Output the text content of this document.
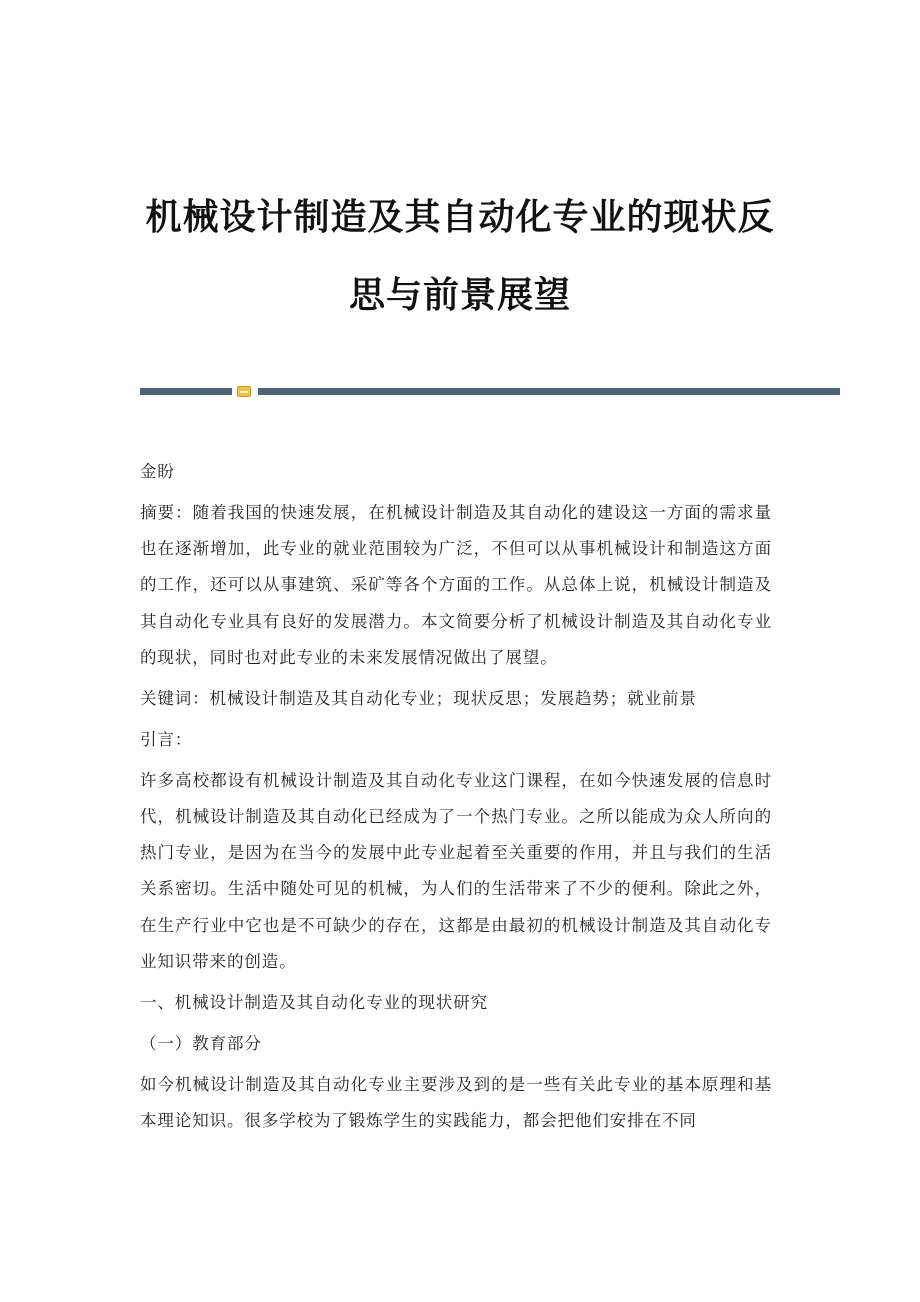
机械设计制造及其自动化专业的现状反
思与前景展望

金盼

摘要：随着我国的快速发展，在机械设计制造及其自动化的建设这一方面的需求量也在逐渐增加，此专业的就业范围较为广泛，不但可以从事机械设计和制造这方面的工作，还可以从事建筑、采矿等各个方面的工作。从总体上说，机械设计制造及其自动化专业具有良好的发展潜力。本文简要分析了机械设计制造及其自动化专业的现状，同时也对此专业的未来发展情况做出了展望。

关键词：机械设计制造及其自动化专业；现状反思；发展趋势；就业前景

引言：

许多高校都设有机械设计制造及其自动化专业这门课程，在如今快速发展的信息时代，机械设计制造及其自动化已经成为了一个热门专业。之所以能成为众人所向的热门专业，是因为在当今的发展中此专业起着至关重要的作用，并且与我们的生活关系密切。生活中随处可见的机械，为人们的生活带来了不少的便利。除此之外，在生产行业中它也是不可缺少的存在，这都是由最初的机械设计制造及其自动化专业知识带来的创造。

一、机械设计制造及其自动化专业的现状研究

（一）教育部分

如今机械设计制造及其自动化专业主要涉及到的是一些有关此专业的基本原理和基本理论知识。很多学校为了锻炼学生的实践能力，都会把他们安排在不同
